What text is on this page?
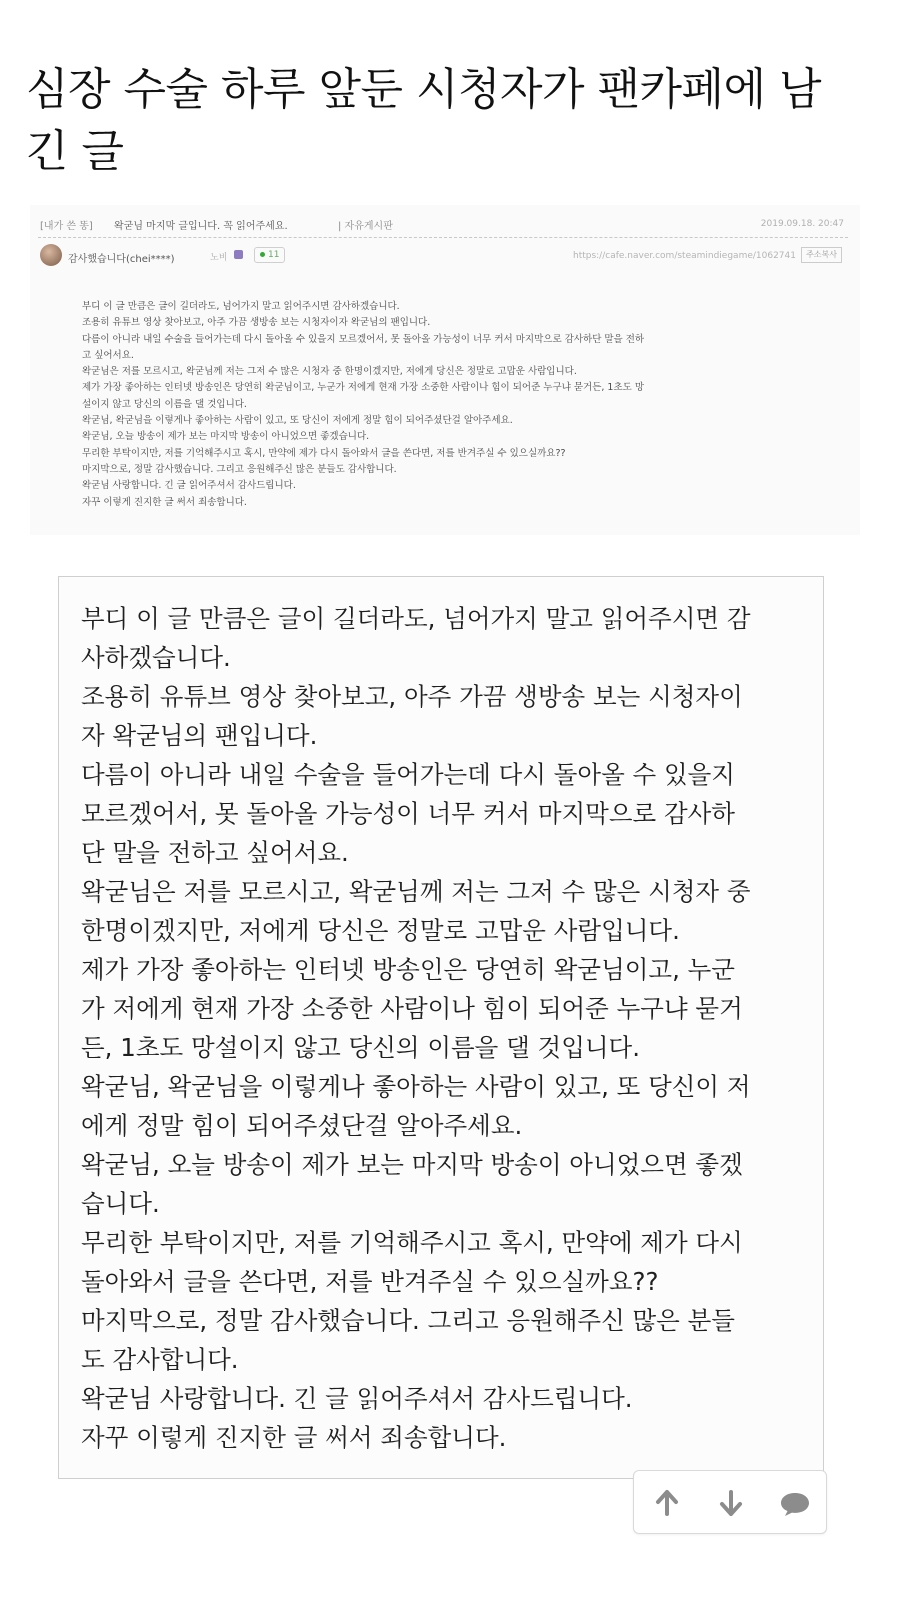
심장 수술 하루 앞둔 시청자가 팬카페에 남
긴 글
[내가 쓴 똥] 왁굳님 마지막 글입니다. 꼭 읽어주세요.	| 자유게시판	2019.09.18. 20:47
감사했습니다(chei****)	노비	11	https://cafe.naver.com/steamindiegame/1062741	주소복사
부디 이 글 만큼은 글이 길더라도, 넘어가지 말고 읽어주시면 감사하겠습니다.
조용히 유튜브 영상 찾아보고, 아주 가끔 생방송 보는 시청자이자 왁굳님의 팬입니다.
다름이 아니라 내일 수술을 들어가는데 다시 돌아올 수 있을지 모르겠어서, 못 돌아올 가능성이 너무 커서 마지막으로 감사하단 말을 전하
고 싶어서요.
왁굳님은 저를 모르시고, 왁굳님께 저는 그저 수 많은 시청자 중 한명이겠지만, 저에게 당신은 정말로 고맙운 사람입니다.
제가 가장 좋아하는 인터넷 방송인은 당연히 왁굳님이고, 누군가 저에게 현재 가장 소중한 사람이나 힘이 되어준 누구냐 묻거든, 1초도 망
설이지 않고 당신의 이름을 댈 것입니다.
왁굳님, 왁굳님을 이렇게나 좋아하는 사람이 있고, 또 당신이 저에게 정말 힘이 되어주셨단걸 알아주세요.
왁굳님, 오늘 방송이 제가 보는 마지막 방송이 아니었으면 좋겠습니다.
무리한 부탁이지만, 저를 기억해주시고 혹시, 만약에 제가 다시 돌아와서 글을 쓴다면, 저를 반겨주실 수 있으실까요??
마지막으로, 정말 감사했습니다. 그리고 응원해주신 많은 분들도 감사합니다.
왁굳님 사랑합니다. 긴 글 읽어주셔서 감사드립니다.
자꾸 이렇게 진지한 글 써서 죄송합니다.
부디 이 글 만큼은 글이 길더라도, 넘어가지 말고 읽어주시면 감
사하겠습니다.
조용히 유튜브 영상 찾아보고, 아주 가끔 생방송 보는 시청자이
자 왁굳님의 팬입니다.
다름이 아니라 내일 수술을 들어가는데 다시 돌아올 수 있을지
모르겠어서, 못 돌아올 가능성이 너무 커서 마지막으로 감사하
단 말을 전하고 싶어서요.
왁굳님은 저를 모르시고, 왁굳님께 저는 그저 수 많은 시청자 중
한명이겠지만, 저에게 당신은 정말로 고맙운 사람입니다.
제가 가장 좋아하는 인터넷 방송인은 당연히 왁굳님이고, 누군
가 저에게 현재 가장 소중한 사람이나 힘이 되어준 누구냐 묻거
든, 1초도 망설이지 않고 당신의 이름을 댈 것입니다.
왁굳님, 왁굳님을 이렇게나 좋아하는 사람이 있고, 또 당신이 저
에게 정말 힘이 되어주셨단걸 알아주세요.
왁굳님, 오늘 방송이 제가 보는 마지막 방송이 아니었으면 좋겠
습니다.
무리한 부탁이지만, 저를 기억해주시고 혹시, 만약에 제가 다시
돌아와서 글을 쓴다면, 저를 반겨주실 수 있으실까요??
마지막으로, 정말 감사했습니다. 그리고 응원해주신 많은 분들
도 감사합니다.
왁굳님 사랑합니다. 긴 글 읽어주셔서 감사드립니다.
자꾸 이렇게 진지한 글 써서 죄송합니다.
